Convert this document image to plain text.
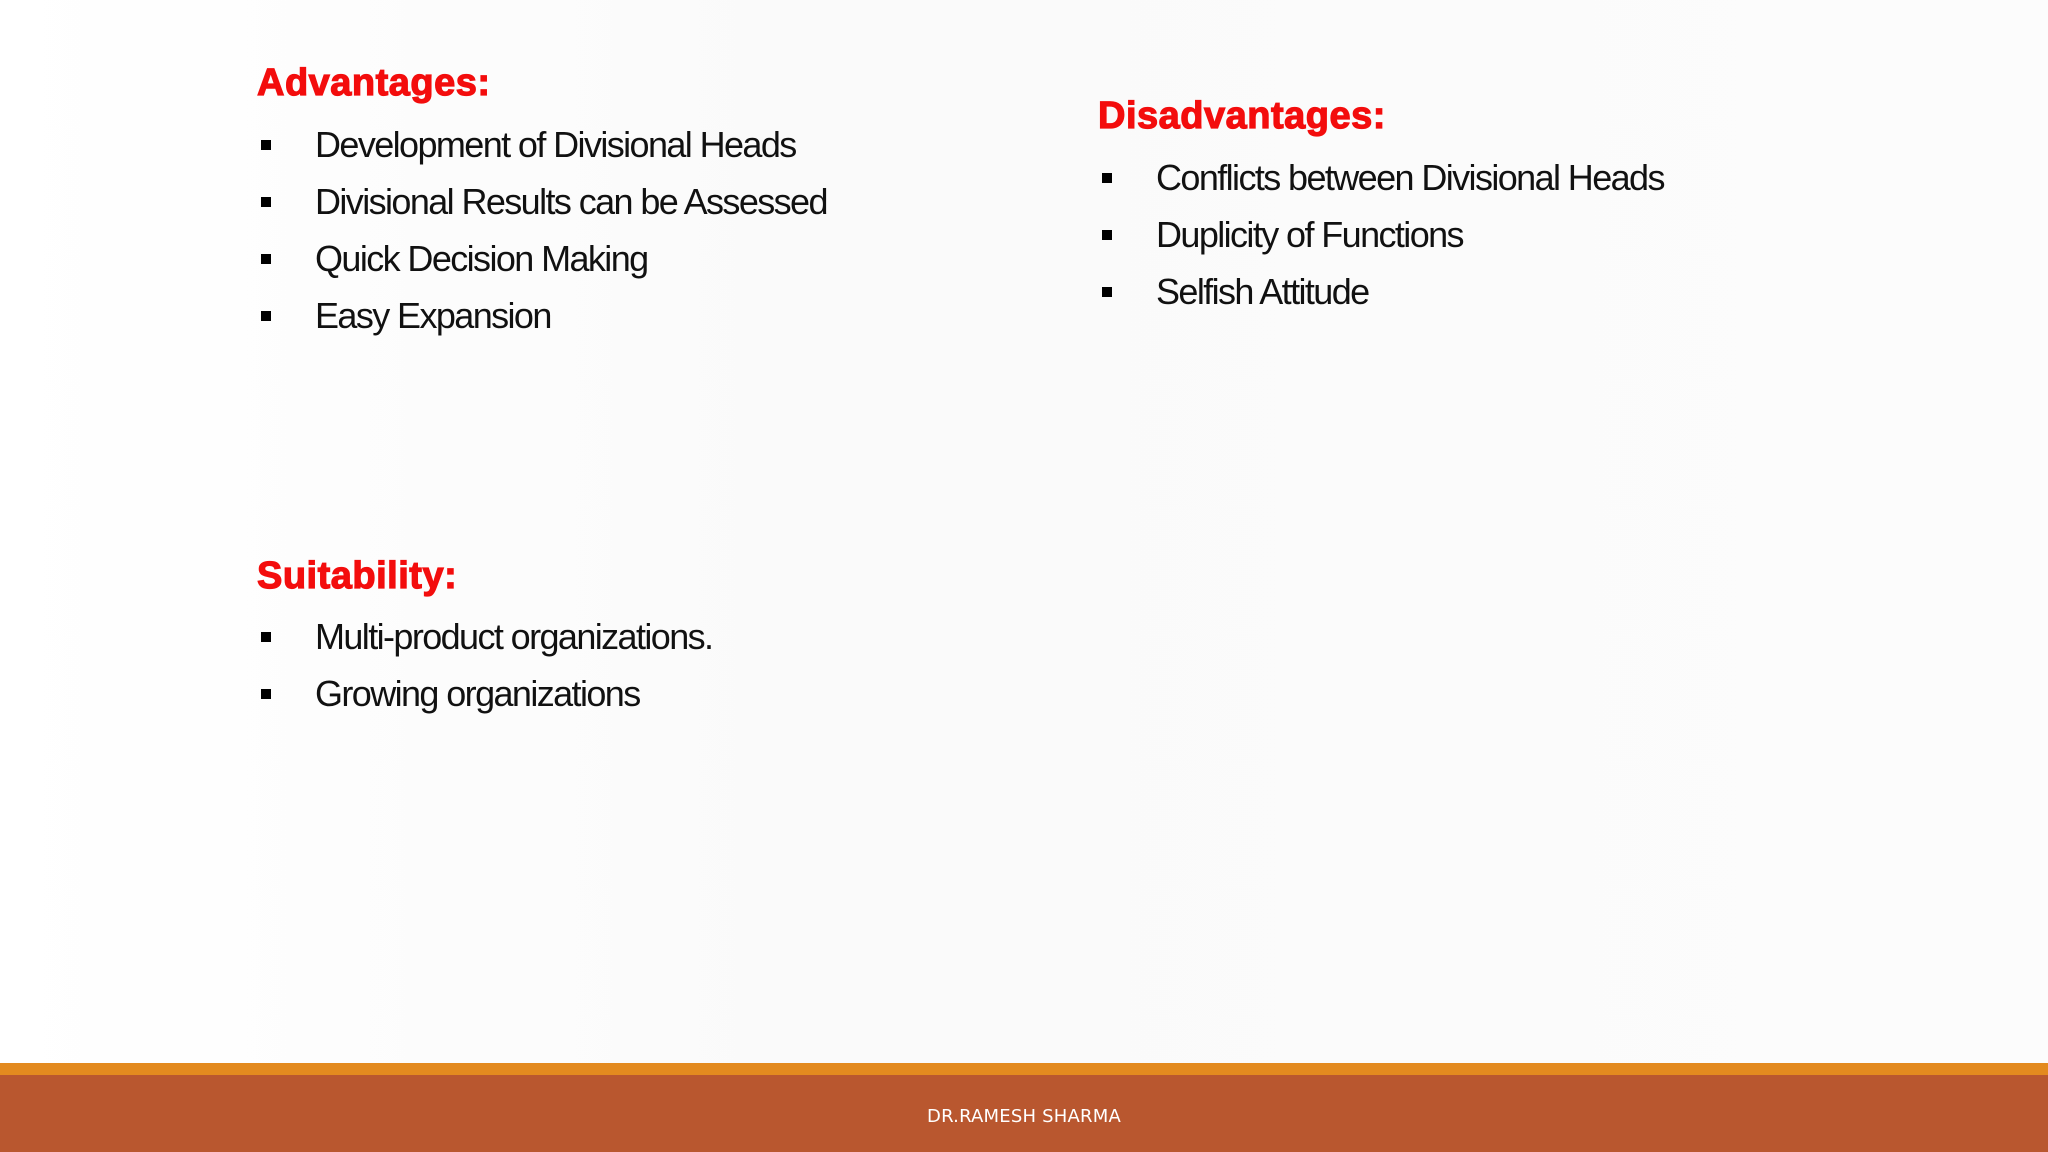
Advantages:
Development of Divisional Heads
Divisional Results can be Assessed
Quick Decision Making
Easy Expansion
Disadvantages:
Conflicts between Divisional Heads
Duplicity of Functions
Selfish Attitude
Suitability:
Multi-product organizations.
Growing organizations
DR.RAMESH SHARMA
